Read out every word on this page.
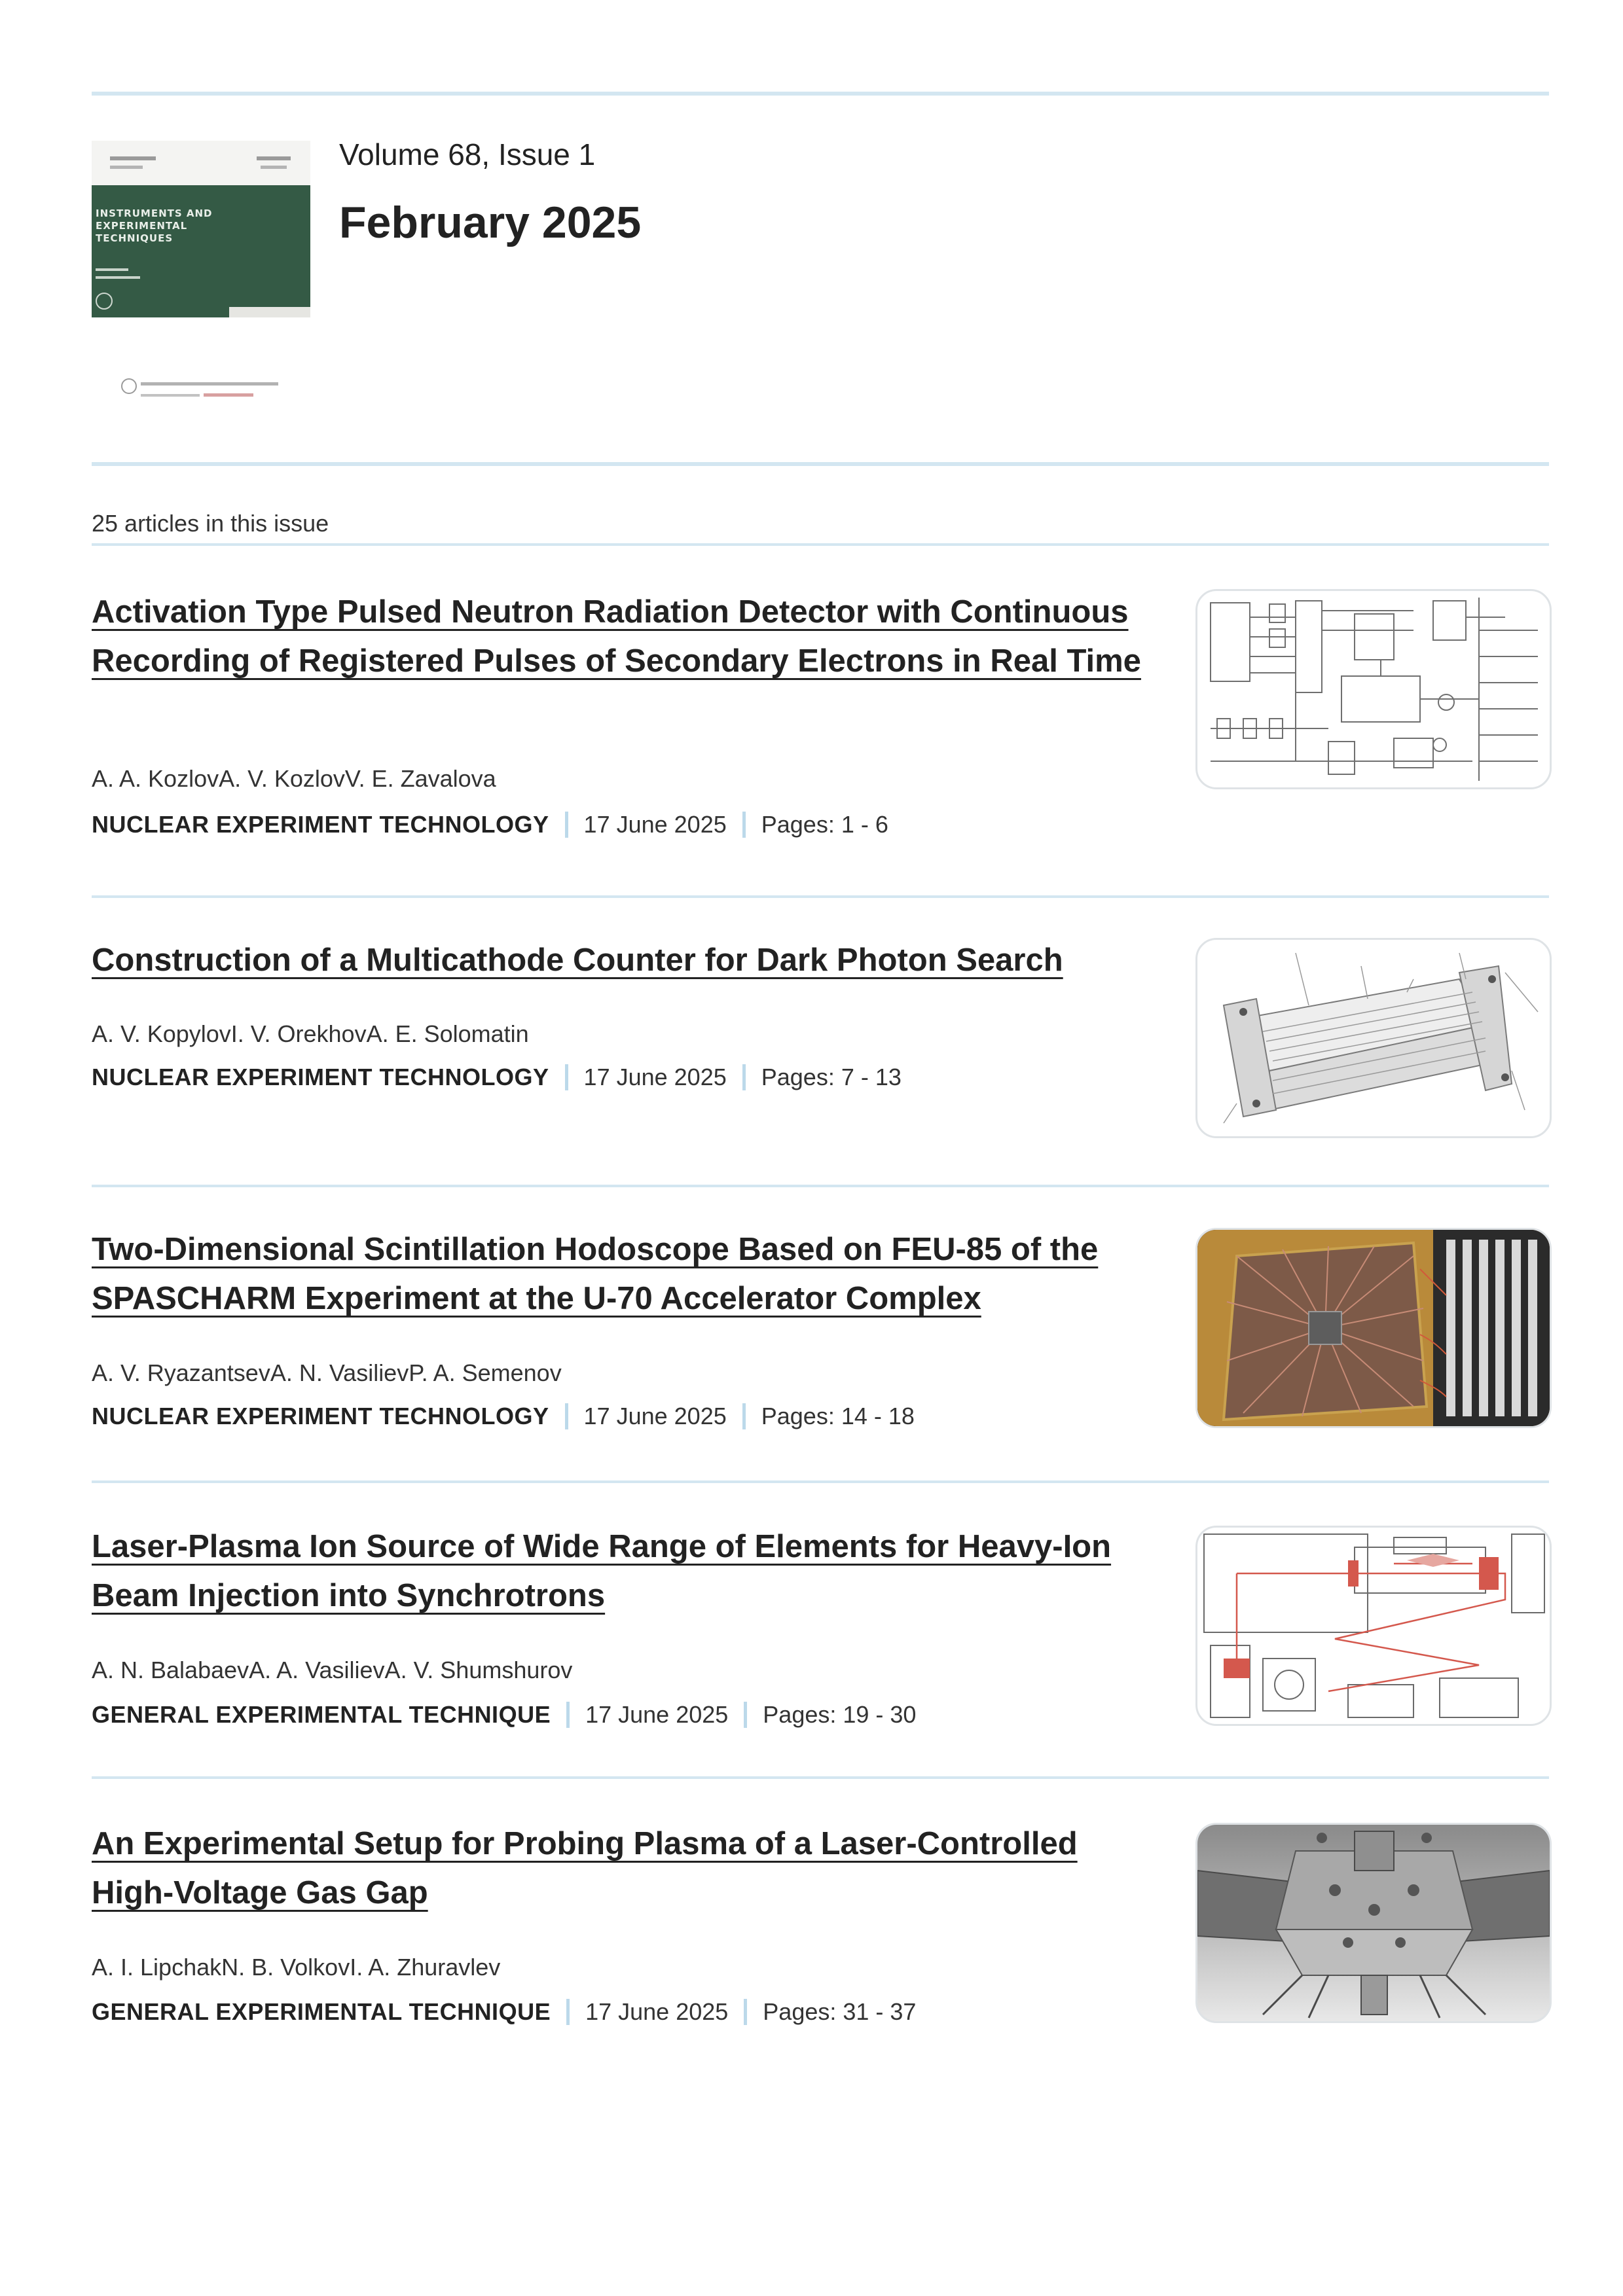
INSTRUMENTS AND EXPERIMENTAL TECHNIQUES
Volume 68, Issue 1
February 2025
25 articles in this issue
Activation Type Pulsed Neutron Radiation Detector with Continuous Recording of Registered Pulses of Secondary Electrons in Real Time
A. A. KozlovA. V. KozlovV. E. Zavalova
NUCLEAR EXPERIMENT TECHNOLOGY 17 June 2025 Pages: 1 - 6
Construction of a Multicathode Counter for Dark Photon Search
A. V. KopylovI. V. OrekhovA. E. Solomatin
NUCLEAR EXPERIMENT TECHNOLOGY 17 June 2025 Pages: 7 - 13
Two-Dimensional Scintillation Hodoscope Based on FEU-85 of the SPASCHARM Experiment at the U-70 Accelerator Complex
A. V. RyazantsevA. N. VasilievP. A. Semenov
NUCLEAR EXPERIMENT TECHNOLOGY 17 June 2025 Pages: 14 - 18
Laser-Plasma Ion Source of Wide Range of Elements for Heavy-Ion Beam Injection into Synchrotrons
A. N. BalabaevA. A. VasilievA. V. Shumshurov
GENERAL EXPERIMENTAL TECHNIQUE 17 June 2025 Pages: 19 - 30
An Experimental Setup for Probing Plasma of a Laser-Controlled High-Voltage Gas Gap
A. I. LipchakN. B. VolkovI. A. Zhuravlev
GENERAL EXPERIMENTAL TECHNIQUE 17 June 2025 Pages: 31 - 37
